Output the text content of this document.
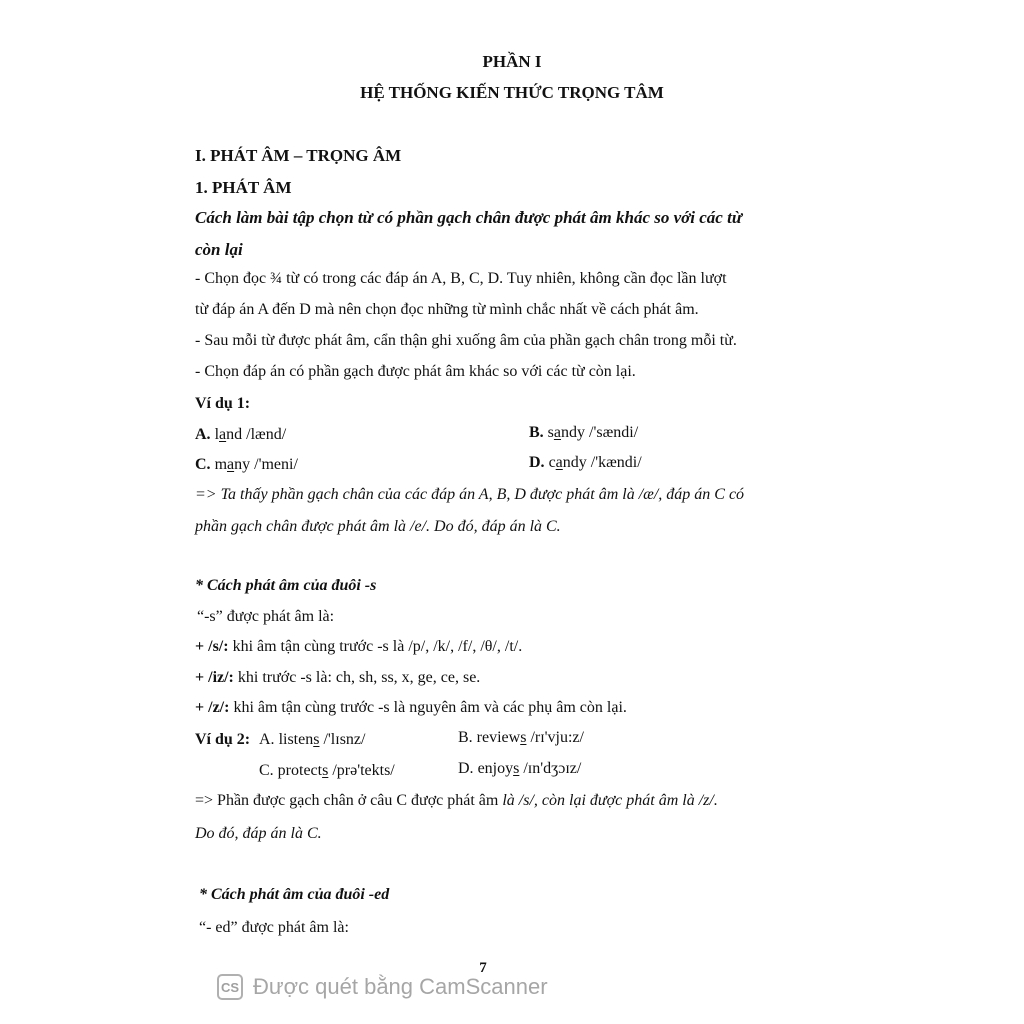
PHẦN I
HỆ THỐNG KIẾN THỨC TRỌNG TÂM
I. PHÁT ÂM – TRỌNG ÂM
1. PHÁT ÂM
Cách làm bài tập chọn từ có phần gạch chân được phát âm khác so với các từ
còn lại
- Chọn đọc ¾ từ có trong các đáp án A, B, C, D. Tuy nhiên, không cần đọc lần lượt
từ đáp án A đến D mà nên chọn đọc những từ mình chắc nhất về cách phát âm.
- Sau mỗi từ được phát âm, cẩn thận ghi xuống âm của phần gạch chân trong mỗi từ.
- Chọn đáp án có phần gạch được phát âm khác so với các từ còn lại.
Ví dụ 1:
A. land /lænd/	B. sandy /'sændi/
C. many /'meni/	D. candy /'kændi/
=> Ta thấy phần gạch chân của các đáp án A, B, D được phát âm là /æ/, đáp án C có
phần gạch chân được phát âm là /e/. Do đó, đáp án là C.
* Cách phát âm của đuôi -s
“-s” được phát âm là:
+ /s/: khi âm tận cùng trước -s là /p/, /k/, /f/, /θ/, /t/.
+ /iz/: khi trước -s là: ch, sh, ss, x, ge, ce, se.
+ /z/: khi âm tận cùng trước -s là nguyên âm và các phụ âm còn lại.
Ví dụ 2: A. listens /'lɪsnz/	B. reviews /rɪ'vju:z/
C. protects /prə'tekts/	D. enjoys /ɪn'dʒɔɪz/
=> Phần được gạch chân ở câu C được phát âm là /s/, còn lại được phát âm là /z/.
Do đó, đáp án là C.
* Cách phát âm của đuôi -ed
“- ed” được phát âm là:
7
CS Được quét bằng CamScanner
